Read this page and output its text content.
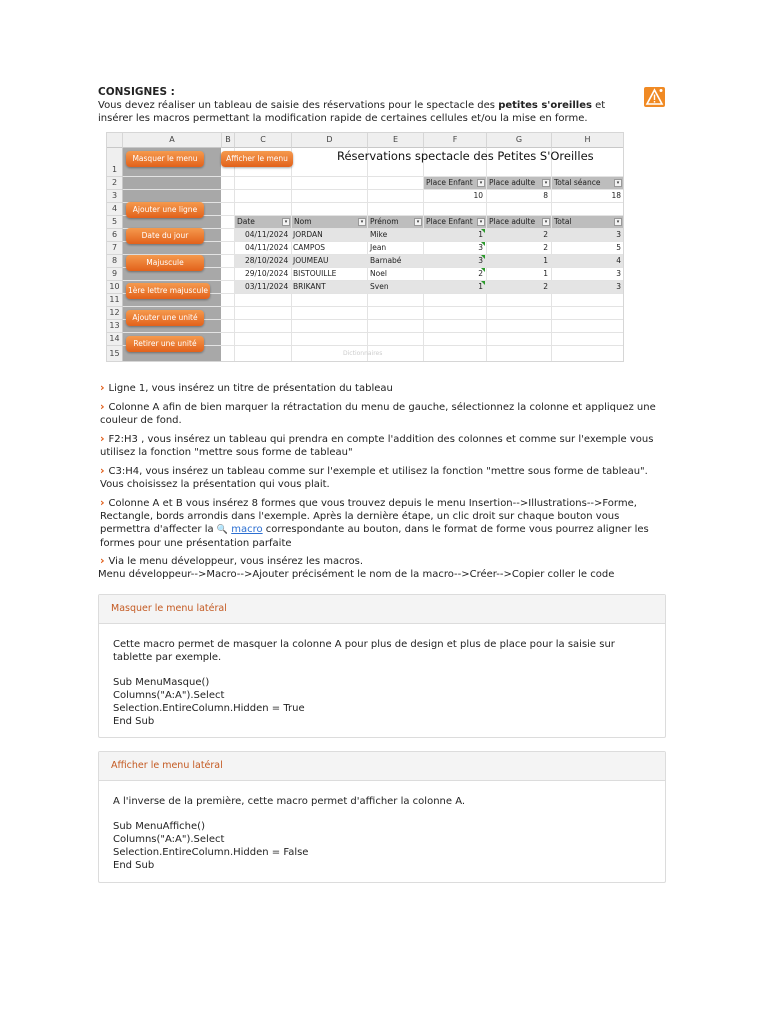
CONSIGNES :
Vous devez réaliser un tableau de saisie des réservations pour le spectacle des petites s'oreilles et insérer les macros permettant la modification rapide de certaines cellules et/ou la mise en forme.
A	B	C	D	E	F	G	H
1
2
3
4
5
6
7
8
9
10
11
12
13
14
15
Masquer le menu	Afficher le menu
Ajouter une ligne
Date du jour
Majuscule
1ère lettre majuscule
Ajouter une unité
Retirer une unité
Réservations spectacle des Petites S'Oreilles
Place Enfant	▾ Place adulte	▾ Total séance	▾
10	8	18
Date	▾ Nom	▾ Prénom	▾ Place Enfant	▾ Place adulte	▾ Total	▾
04/11/2024 JORDAN	Mike	1	2	3
04/11/2024 CAMPOS	Jean	3	2	5
28/10/2024 JOUMEAU	Barnabé	3	1	4
29/10/2024 BISTOUILLE	Noel	2	1	3
03/11/2024 BRIKANT	Sven	1	2	3
Dictionnaires
› Ligne 1, vous insérez un titre de présentation du tableau
› Colonne A afin de bien marquer la rétractation du menu de gauche, sélectionnez la colonne et appliquez une couleur de fond.
› F2:H3 , vous insérez un tableau qui prendra en compte l'addition des colonnes et comme sur l'exemple vous utilisez la fonction "mettre sous forme de tableau"
› C3:H4, vous insérez un tableau comme sur l'exemple et utilisez la fonction "mettre sous forme de tableau". Vous choisissez la présentation qui vous plait.
› Colonne A et B vous insérez 8 formes que vous trouvez depuis le menu Insertion-->Illustrations-->Forme, Rectangle, bords arrondis dans l'exemple. Après la dernière étape, un clic droit sur chaque bouton vous permettra d'affecter la 🔍 macro correspondante au bouton, dans le format de forme vous pourrez aligner les formes pour une présentation parfaite
› Via le menu développeur, vous insérez les macros.
Menu développeur-->Macro-->Ajouter précisément le nom de la macro-->Créer-->Copier coller le code
Masquer le menu latéral
Cette macro permet de masquer la colonne A pour plus de design et plus de place pour la saisie sur tablette par exemple.
Sub MenuMasque()
Columns("A:A").Select
Selection.EntireColumn.Hidden = True
End Sub
Afficher le menu latéral
A l'inverse de la première, cette macro permet d'afficher la colonne A.
Sub MenuAffiche()
Columns("A:A").Select
Selection.EntireColumn.Hidden = False
End Sub
